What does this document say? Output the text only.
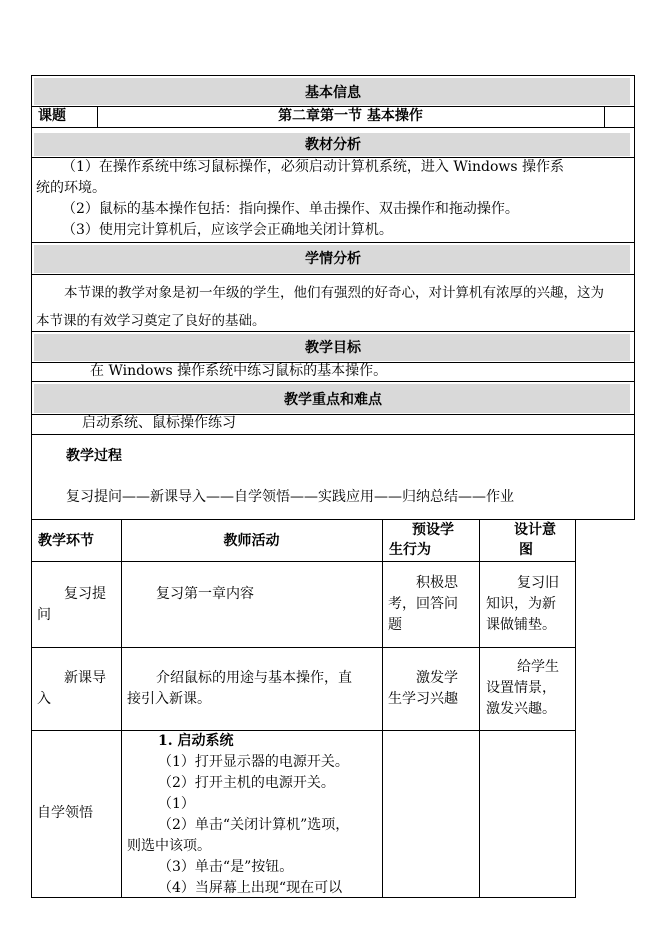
基本信息
课题	第二章第一节 基本操作
教材分析
（1）在操作系统中练习鼠标操作，必须启动计算机系统，进入 Windows 操作系
统的环境。
（2）鼠标的基本操作包括：指向操作、单击操作、双击操作和拖动操作。
（3）使用完计算机后，应该学会正确地关闭计算机。
学情分析
本节课的教学对象是初一年级的学生，他们有强烈的好奇心，对计算机有浓厚的兴趣，这为
本节课的有效学习奠定了良好的基础。
教学目标
在 Windows 操作系统中练习鼠标的基本操作。
教学重点和难点
启动系统、鼠标操作练习
教学过程
复习提问——新课导入——自学领悟——实践应用——归纳总结——作业
教学环节	教师活动
预设学
生行为
设计意
图
复习提
问
复习第一章内容
积极思
考，回答问
题
复习旧
知识，为新
课做铺垫。
新课导
入
介绍鼠标的用途与基本操作，直
接引入新课。
激发学
生学习兴趣
给学生
设置情景，
激发兴趣。
自学领悟
1. 启动系统
（1）打开显示器的电源开关。
（2）打开主机的电源开关。
（1）
（2）单击“关闭计算机”选项，
则选中该项。
（3）单击“是”按钮。
（4）当屏幕上出现“现在可以
